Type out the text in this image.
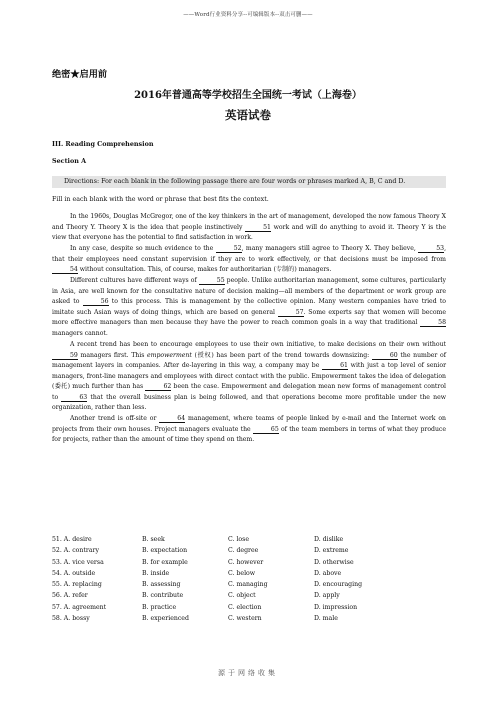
——Word行业资料分享--可编辑版本--双击可删——
绝密★启用前
2016年普通高等学校招生全国统一考试（上海卷）
英语试卷
III. Reading Comprehension
Section A
Directions: For each blank in the following passage there are four words or phrases marked A, B, C and D.
Fill in each blank with the word or phrase that best fits the context.

In the 1960s, Douglas McGregor, one of the key thinkers in the art of management, developed the now famous Theory X and Theory Y. Theory X is the idea that people instinctively	51 work and will do anything to avoid it. Theory Y is the view that everyone has the potential to find satisfaction in work.

In any case, despite so much evidence to the	52, many managers still agree to Theory X. They believe,	53, that their employees need constant supervision if they are to work effectively, or that decisions must be imposed from 54 without consultation. This, of course, makes for authoritarian (专制的) managers.

Different cultures have different ways of	55 people. Unlike authoritarian management, some cultures, particularly in Asia, are well known for the consultative nature of decision making—all members of the department or work group are asked to	56 to this process. This is management by the collective opinion. Many western companies have tried to imitate such Asian ways of doing things, which are based on general	57. Some experts say that women will become more effective managers than men because they have the power to reach common goals in a way that traditional	58 managers cannot.

A recent trend has been to encourage employees to use their own initiative, to make decisions on their own without 59 managers first. This empowerment (授权) has been part of the trend towards downsizing:	60 the number of management layers in companies. After de-layering in this way, a company may be	61 with just a top level of senior managers, front-line managers and employees with direct contact with the public. Empowerment takes the idea of delegation (委托) much further than has	62 been the case. Empowerment and delegation mean new forms of management control to	63 that the overall business plan is being followed, and that operations become more profitable under the new organization, rather than less.

Another trend is off-site or	64 management, where teams of people linked by e-mail and the Internet work on projects from their own houses. Project managers evaluate the	65 of the team members in terms of what they produce for projects, rather than the amount of time they spend on them.

51. A. desire	B. seek	C. lose	D. dislike
52. A. contrary	B. expectation	C. degree	D. extreme
53. A. vice versa	B. for example	C. however	D. otherwise
54. A. outside	B. inside	C. below	D. above
55. A. replacing	B. assessing	C. managing	D. encouraging
56. A. refer	B. contribute	C. object	D. apply
57. A. agreement	B. practice	C. election	D. impression
58. A. bossy	B. experienced	C. western	D. male
源于网络收集
